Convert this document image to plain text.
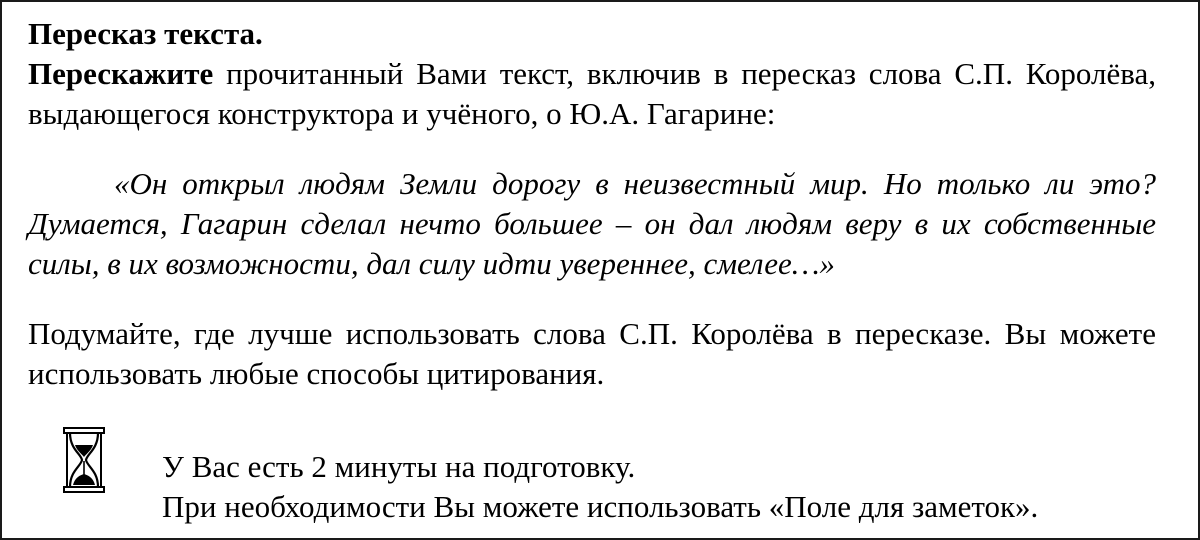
Пересказ текста.

Перескажите прочитанный Вами текст, включив в пересказ слова С.П. Королёва, выдающегося конструктора и учёного, о Ю.А. Гагарине:

«Он открыл людям Земли дорогу в неизвестный мир. Но только ли это? Думается, Гагарин сделал нечто большее – он дал людям веру в их собственные силы, в их возможности, дал силу идти увереннее, смелее…»

Подумайте, где лучше использовать слова С.П. Королёва в пересказе. Вы можете использовать любые способы цитирования.

У Вас есть 2 минуты на подготовку.
При необходимости Вы можете использовать «Поле для заметок».
